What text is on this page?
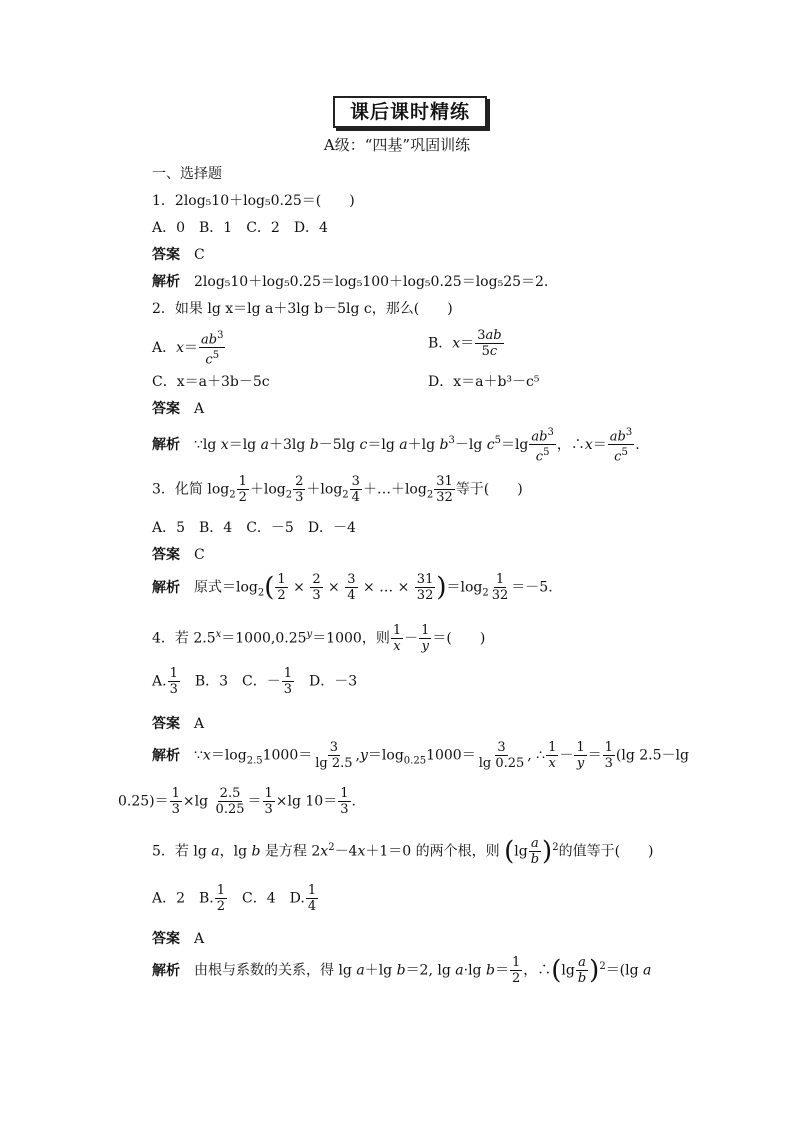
课后课时精练
A级：“四基”巩固训练
一、选择题
1．2log₅10＋log₅0.25＝(　　)
A．0　B．1　C．2　D．4
答案 C
解析 2log₅10＋log₅0.25＝log₅100＋log₅0.25＝log₅25＝2.
2．如果 lg x＝lg a＋3lg b－5lg c，那么(　　)
A．$x= \frac{ab^3}{c^5}$	B．$x= \frac{3ab}{5c}$
C．x＝a＋3b－5c	D．x＝a＋b³－c⁵
答案 A
解析 ∵lg x＝lg a＋3lg b－5lg c＝lg a＋lg $b^3-\lg$ $c^5=\lg \frac{ab^3}{c^5}$ ，∴x＝ $\frac{ab^3}{c^5}$ .
3．化简 $\log_2 \frac{1}{2} +\log_2 \frac{2}{3} +\log_2 \frac{3}{4}$ $+\dots+\log_2 \frac{31}{32}$ 等于(　　)
A．5　B．4　C．－5　D．－4
答案 C
解析 原式$=\log_2( \frac{1}{2} \times \frac{2}{3} \times \frac{3}{4}$ × … × $\frac{31}{32} )=\log_2 \frac{1}{32} =-5$.
4．若 $2.5^x=1000,0.25^y=1000$，则 $\frac{1}{x} - \frac{1}{y}$ ＝(　　)
A. $\frac{1}{3}$ 　B．3　C．－ $\frac{1}{3}$ 　D．－3
答案 A
解析 $\because x=\log_{2.5}1000= \frac{3}{\lg 2.5} ,y=\log_{0.25}1000= \frac{3}{\lg 0.25}$ , ∴ $\frac{1}{x} - \frac{1}{y} = \frac{1}{3} (\lg$ 2.5－lg
$0.25)= \frac{1}{3} \times\lg \frac{2.5}{0.25} = \frac{1}{3} \times\lg$ $10= \frac{1}{3}$ .
5．若 lg a，lg b 是方程 $2x^2-4x+1=0$ 的两个根，则 $(\lg \frac{a}{b} )^2$的值等于(　　)
A．2　B. $\frac{1}{2}$ 　C．4　D. $\frac{1}{4}$
答案 A
解析 由根与系数的关系，得 lg a＋lg b＝2, lg a·lg $b= \frac{1}{2}$ ，∴(lg $\frac{a}{b} )^2=(\lg$ a
